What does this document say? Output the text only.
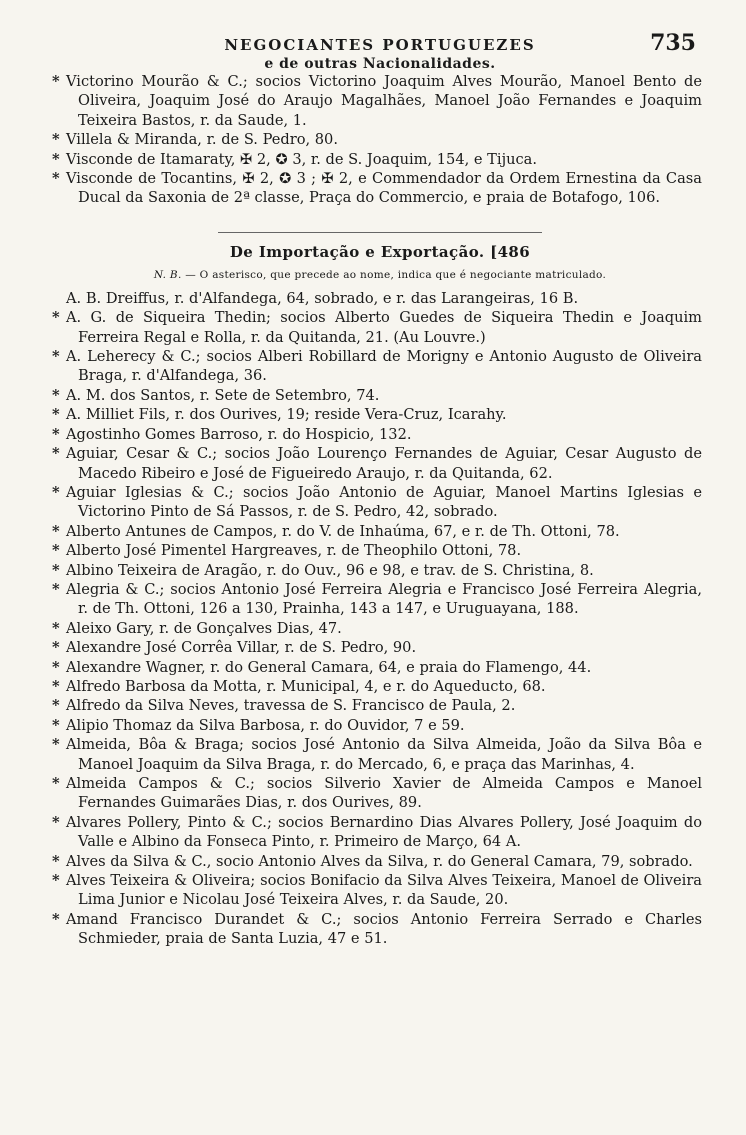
NEGOCIANTES PORTUGUEZES	735
e de outras Nacionalidades.
* Victorino Mourão & C.; socios Victorino Joaquim Alves Mourão, Manoel Bento de Oliveira, Joaquim José do Araujo Magalhães, Manoel João Fernandes e Joaquim Teixeira Bastos, r. da Saude, 1.
* Villela & Miranda, r. de S. Pedro, 80.
* Visconde de Itamaraty, ✠ 2, ✪ 3, r. de S. Joaquim, 154, e Tijuca.
* Visconde de Tocantins, ✠ 2, ✪ 3 ; ✠ 2, e Commendador da Ordem Ernestina da Casa Ducal da Saxonia de 2ª classe, Praça do Commercio, e praia de Botafogo, 106.
De Importação e Exportação. [486
N. B. — O asterisco, que precede ao nome, indica que é negociante matriculado.
A. B. Dreiffus, r. d'Alfandega, 64, sobrado, e r. das Larangeiras, 16 B.
* A. G. de Siqueira Thedin; socios Alberto Guedes de Siqueira Thedin e Joaquim Ferreira Regal e Rolla, r. da Quitanda, 21. (Au Louvre.)
* A. Leherecy & C.; socios Alberi Robillard de Morigny e Antonio Augusto de Oliveira Braga, r. d'Alfandega, 36.
* A. M. dos Santos, r. Sete de Setembro, 74.
* A. Milliet Fils, r. dos Ourives, 19; reside Vera-Cruz, Icarahy.
* Agostinho Gomes Barroso, r. do Hospicio, 132.
* Aguiar, Cesar & C.; socios João Lourenço Fernandes de Aguiar, Cesar Augusto de Macedo Ribeiro e José de Figueiredo Araujo, r. da Quitanda, 62.
* Aguiar Iglesias & C.; socios João Antonio de Aguiar, Manoel Martins Iglesias e Victorino Pinto de Sá Passos, r. de S. Pedro, 42, sobrado.
* Alberto Antunes de Campos, r. do V. de Inhaúma, 67, e r. de Th. Ottoni, 78.
* Alberto José Pimentel Hargreaves, r. de Theophilo Ottoni, 78.
* Albino Teixeira de Aragão, r. do Ouv., 96 e 98, e trav. de S. Christina, 8.
* Alegria & C.; socios Antonio José Ferreira Alegria e Francisco José Ferreira Alegria, r. de Th. Ottoni, 126 a 130, Prainha, 143 a 147, e Uruguayana, 188.
* Aleixo Gary, r. de Gonçalves Dias, 47.
* Alexandre José Corrêa Villar, r. de S. Pedro, 90.
* Alexandre Wagner, r. do General Camara, 64, e praia do Flamengo, 44.
* Alfredo Barbosa da Motta, r. Municipal, 4, e r. do Aqueducto, 68.
* Alfredo da Silva Neves, travessa de S. Francisco de Paula, 2.
* Alipio Thomaz da Silva Barbosa, r. do Ouvidor, 7 e 59.
* Almeida, Bôa & Braga; socios José Antonio da Silva Almeida, João da Silva Bôa e Manoel Joaquim da Silva Braga, r. do Mercado, 6, e praça das Marinhas, 4.
* Almeida Campos & C.; socios Silverio Xavier de Almeida Campos e Manoel Fernandes Guimarães Dias, r. dos Ourives, 89.
* Alvares Pollery, Pinto & C.; socios Bernardino Dias Alvares Pollery, José Joaquim do Valle e Albino da Fonseca Pinto, r. Primeiro de Março, 64 A.
* Alves da Silva & C., socio Antonio Alves da Silva, r. do General Camara, 79, sobrado.
* Alves Teixeira & Oliveira; socios Bonifacio da Silva Alves Teixeira, Manoel de Oliveira Lima Junior e Nicolau José Teixeira Alves, r. da Saude, 20.
* Amand Francisco Durandet & C.; socios Antonio Ferreira Serrado e Charles Schmieder, praia de Santa Luzia, 47 e 51.
